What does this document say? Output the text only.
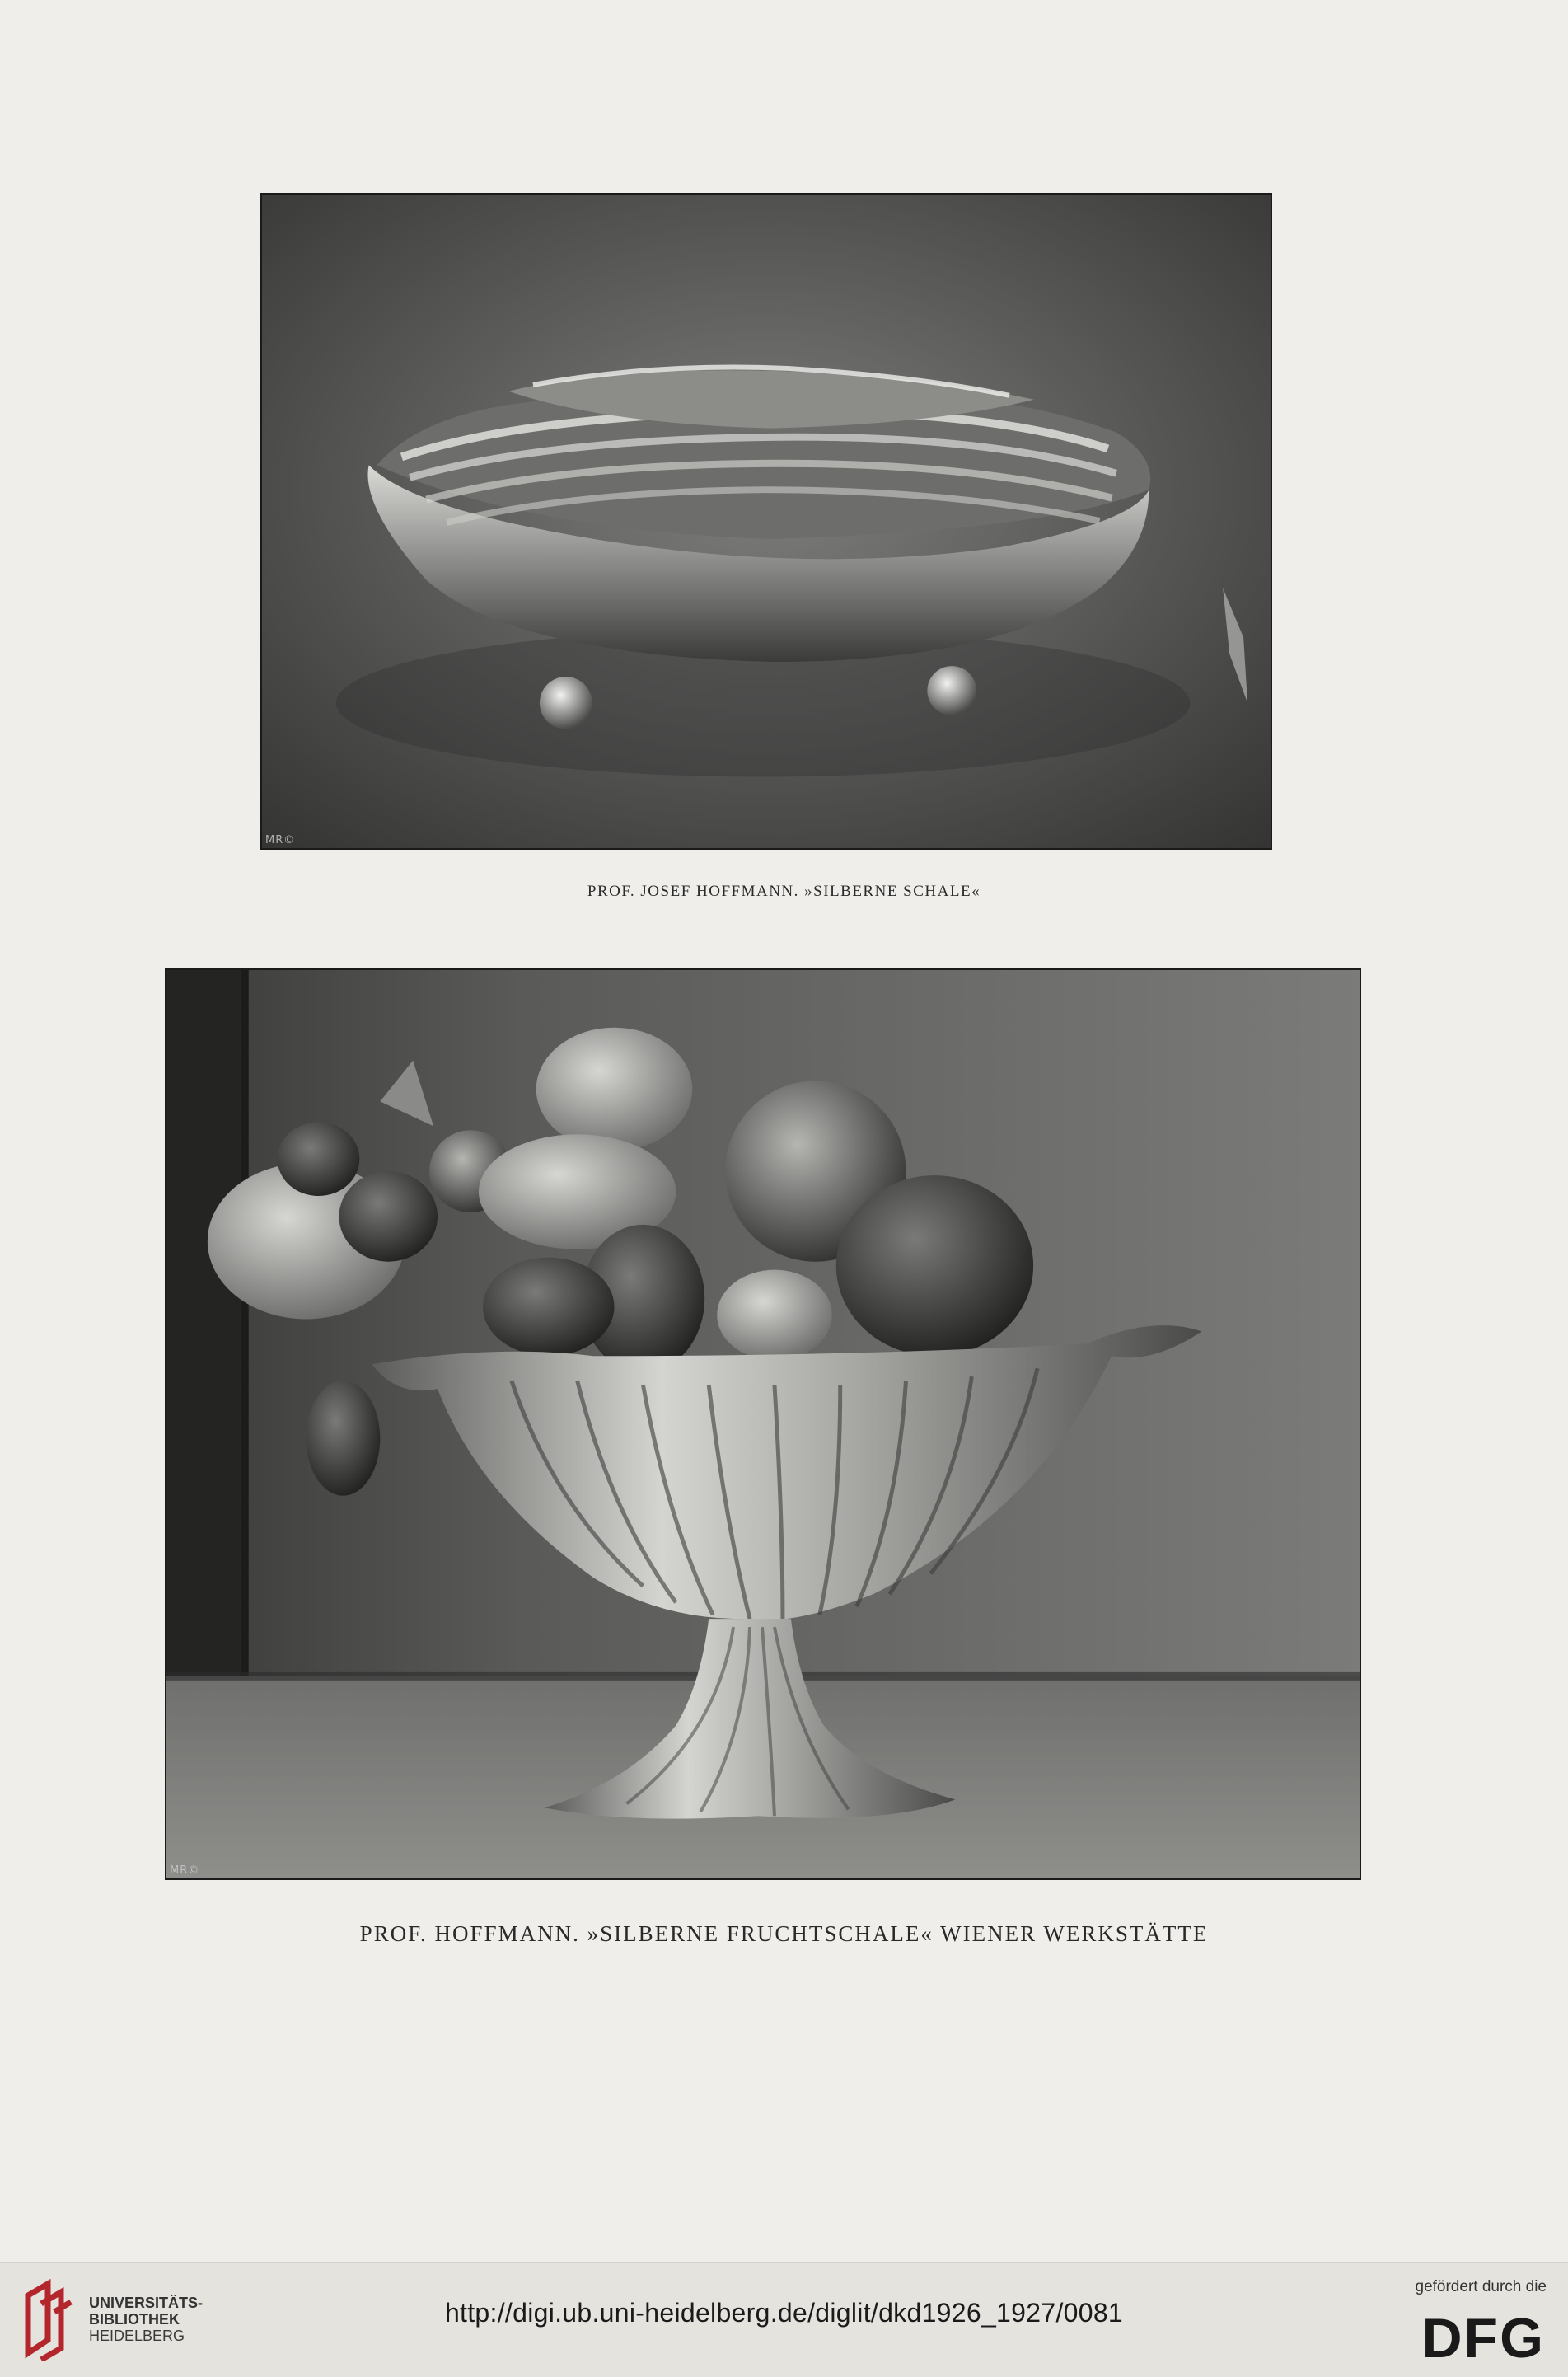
MR©
PROF. JOSEF HOFFMANN. »SILBERNE SCHALE«
MR©
PROF. HOFFMANN. »SILBERNE FRUCHTSCHALE« WIENER WERKSTÄTTE
UNIVERSITÄTS-
BIBLIOTHEK
HEIDELBERG
http://digi.ub.uni-heidelberg.de/diglit/dkd1926_1927/0081
gefördert durch die
DFG
